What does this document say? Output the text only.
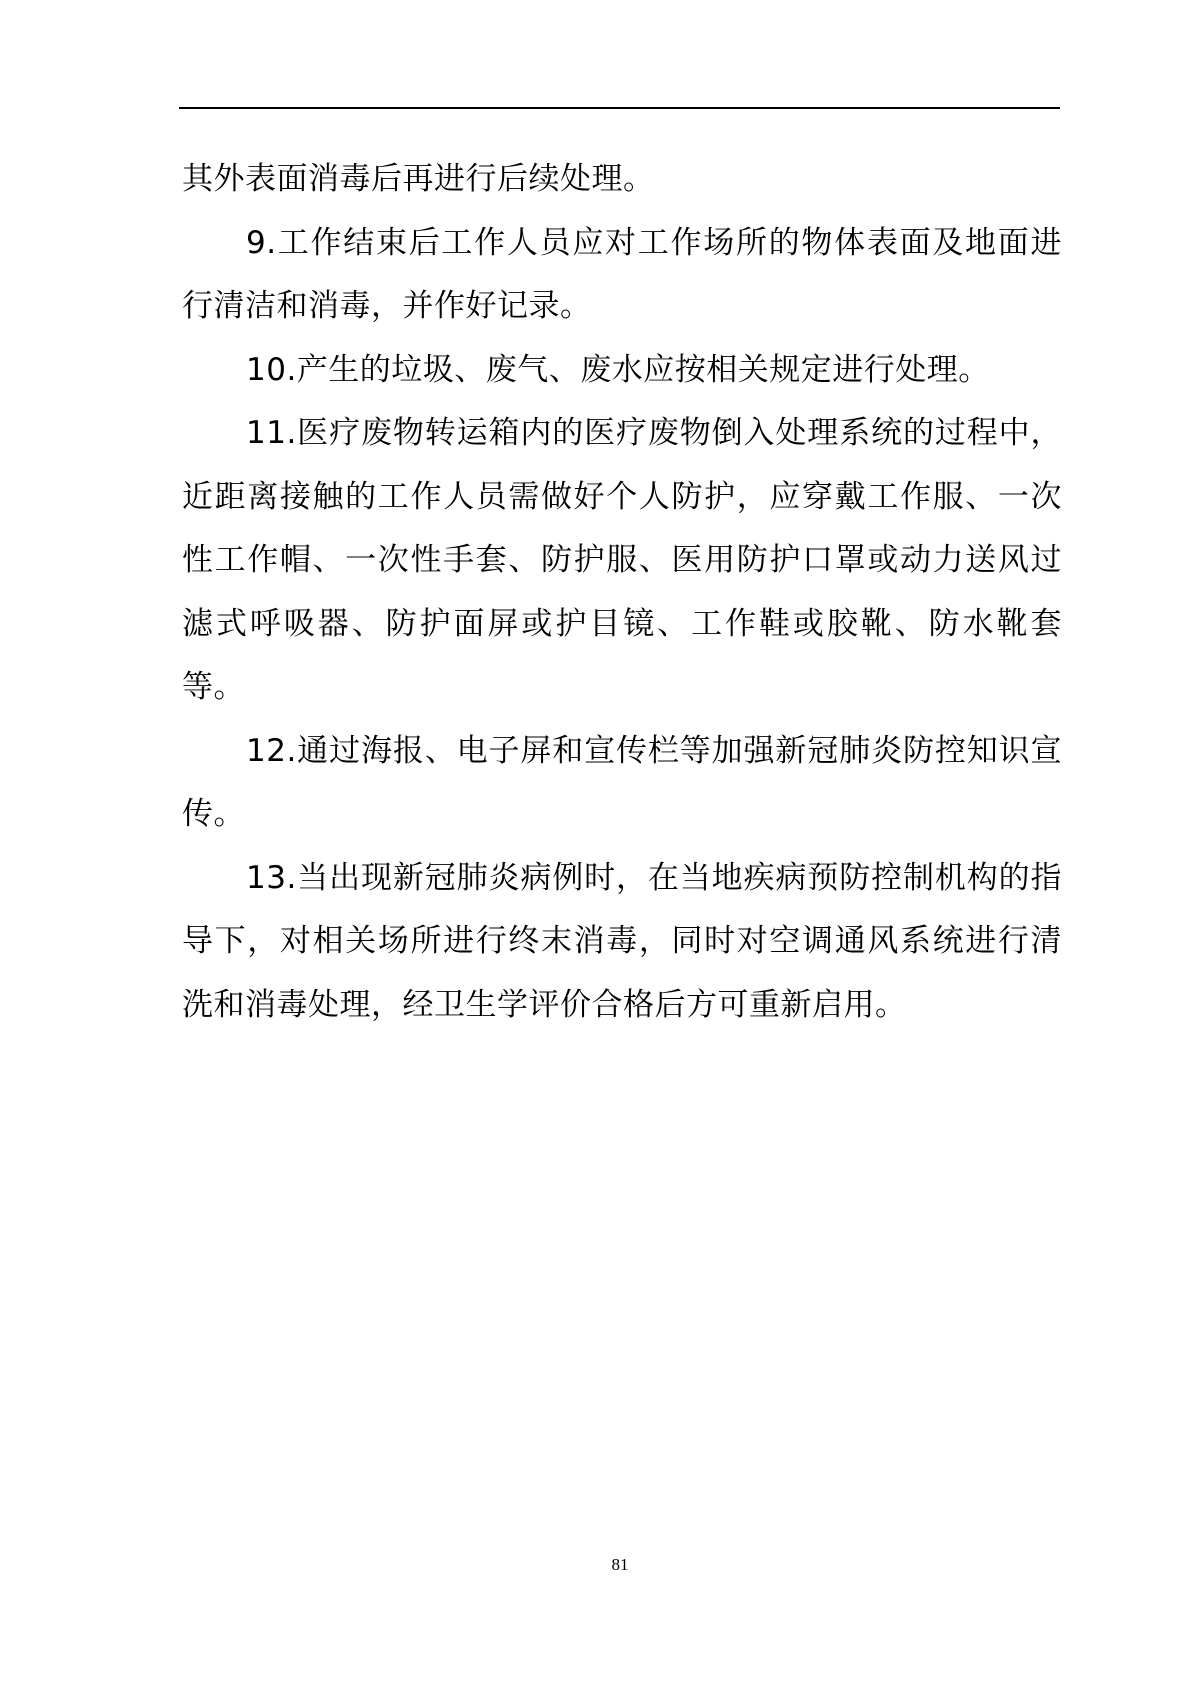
其外表面消毒后再进行后续处理。

9.工作结束后工作人员应对工作场所的物体表面及地面进行清洁和消毒，并作好记录。

10.产生的垃圾、废气、废水应按相关规定进行处理。

11.医疗废物转运箱内的医疗废物倒入处理系统的过程中，近距离接触的工作人员需做好个人防护，应穿戴工作服、一次性工作帽、一次性手套、防护服、医用防护口罩或动力送风过滤式呼吸器、防护面屏或护目镜、工作鞋或胶靴、防水靴套等。

12.通过海报、电子屏和宣传栏等加强新冠肺炎防控知识宣传。

13.当出现新冠肺炎病例时，在当地疾病预防控制机构的指导下，对相关场所进行终末消毒，同时对空调通风系统进行清洗和消毒处理，经卫生学评价合格后方可重新启用。

81
